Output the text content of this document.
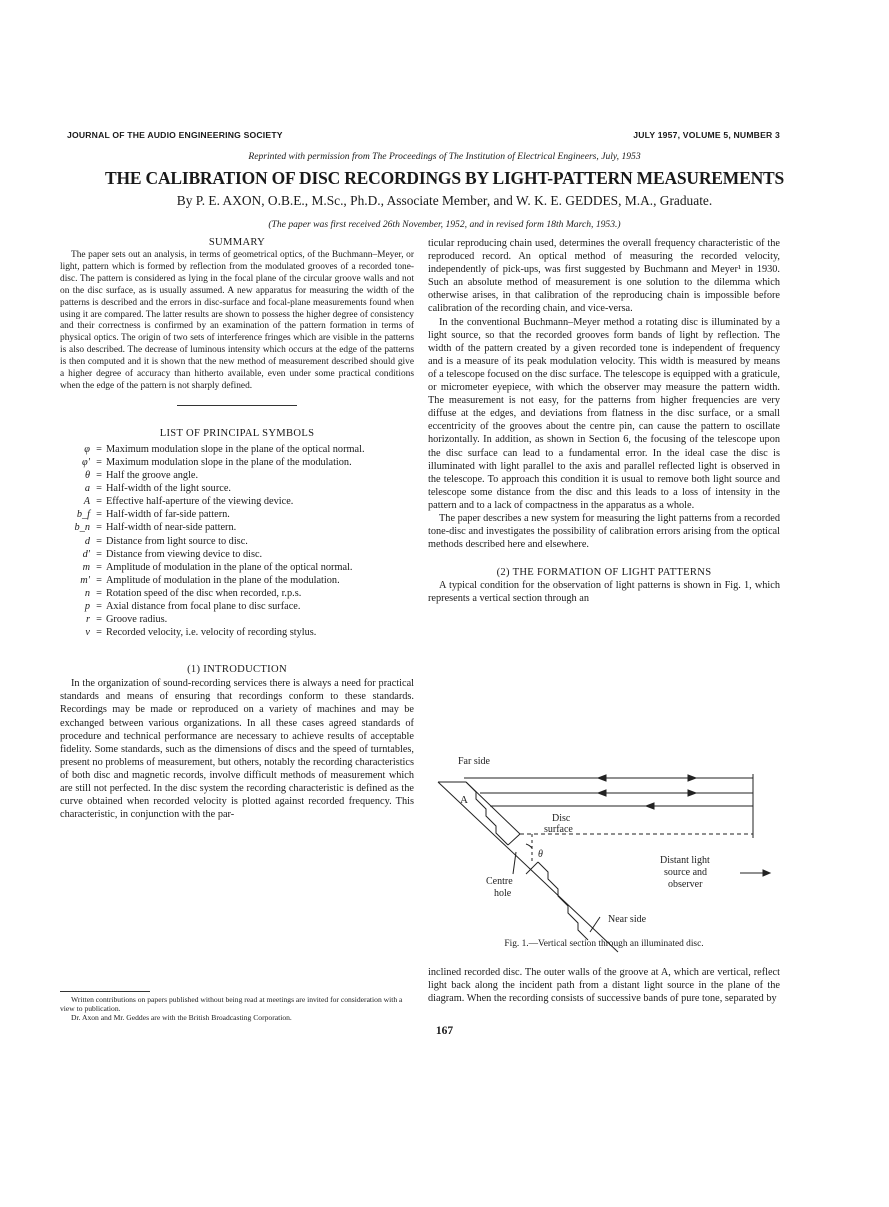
JOURNAL OF THE AUDIO ENGINEERING SOCIETY	JULY 1957, VOLUME 5, NUMBER 3
Reprinted with permission from The Proceedings of The Institution of Electrical Engineers, July, 1953
THE CALIBRATION OF DISC RECORDINGS BY LIGHT-PATTERN MEASUREMENTS
By P. E. AXON, O.B.E., M.Sc., Ph.D., Associate Member, and W. K. E. GEDDES, M.A., Graduate.
(The paper was first received 26th November, 1952, and in revised form 18th March, 1953.)

SUMMARY

The paper sets out an analysis, in terms of geometrical optics, of the Buchmann–Meyer, or light, pattern which is formed by reflection from the modulated grooves of a recorded tone-disc. The pattern is considered as lying in the focal plane of the circular groove walls and not on the disc surface, as is usually assumed. A new apparatus for measuring the width of the patterns is described and the errors in disc-surface and focal-plane measurements found when using it are compared. The latter results are shown to possess the higher degree of consistency and their correctness is confirmed by an examination of the pattern formation in terms of physical optics. The origin of two sets of interference fringes which are visible in the patterns is also described. The decrease of luminous intensity which occurs at the edge of the patterns is then computed and it is shown that the new method of measurement described should give a higher degree of accuracy than hitherto available, even under some practical conditions when the edge of the pattern is not sharply defined.

LIST OF PRINCIPAL SYMBOLS

φ = Maximum modulation slope in the plane of the optical normal.
φ′ = Maximum modulation slope in the plane of the modulation.
θ = Half the groove angle.
a = Half-width of the light source.
A = Effective half-aperture of the viewing device.
b_f = Half-width of far-side pattern.
b_n = Half-width of near-side pattern.
d = Distance from light source to disc.
d′ = Distance from viewing device to disc.
m = Amplitude of modulation in the plane of the optical normal.
m′ = Amplitude of modulation in the plane of the modulation.
n = Rotation speed of the disc when recorded, r.p.s.
p = Axial distance from focal plane to disc surface.
r = Groove radius.
v = Recorded velocity, i.e. velocity of recording stylus.

(1) INTRODUCTION

In the organization of sound-recording services there is always a need for practical standards and means of ensuring that recordings conform to these standards. Recordings may be made or reproduced on a variety of machines and may be exchanged between various organizations. In all these cases agreed standards of procedure and technical performance are necessary to achieve results of acceptable fidelity. Some standards, such as the dimensions of discs and the speed of turntables, present no problems of measurement, but others, notably the recording characteristics of both disc and magnetic records, involve difficult methods of measurement which are still not perfected. In the disc system the recording characteristic is defined as the curve obtained when recorded velocity is plotted against recorded frequency. This characteristic, in conjunction with the par-

Written contributions on papers published without being read at meetings are invited for consideration with a view to publication.

Dr. Axon and Mr. Geddes are with the British Broadcasting Corporation.

ticular reproducing chain used, determines the overall frequency characteristic of the reproduced record. An optical method of measuring the recorded velocity, independently of pick-ups, was first suggested by Buchmann and Meyer¹ in 1930. Such an absolute method of measurement is one solution to the dilemma which otherwise arises, in that calibration of the reproducing chain is impossible before calibration of the recording chain, and vice-versa.

In the conventional Buchmann–Meyer method a rotating disc is illuminated by a light source, so that the recorded grooves form bands of light by reflection. The width of the pattern created by a given recorded tone is independent of frequency and is a measure of its peak modulation velocity. This width is measured by means of a telescope focused on the disc surface. The telescope is equipped with a graticule, or micrometer eyepiece, with which the observer may measure the pattern width. The measurement is not easy, for the patterns from higher frequencies are very diffuse at the edges, and deviations from flatness in the disc surface, or a small eccentricity of the grooves about the centre pin, can cause the pattern to oscillate horizontally. In addition, as shown in Section 6, the focusing of the telescope upon the disc surface can lead to a fundamental error. In the ideal case the disc is illuminated with light parallel to the axis and parallel reflected light is observed in the telescope. To approach this condition it is usual to remove both light source and telescope some distance from the disc and this leads to a loss of intensity in the pattern and to a lack of compactness in the apparatus as a whole.

The paper describes a new system for measuring the light patterns from a recorded tone-disc and investigates the possibility of calibration errors arising from the optical methods described here and elsewhere.

(2) THE FORMATION OF LIGHT PATTERNS

A typical condition for the observation of light patterns is shown in Fig. 1, which represents a vertical section through an

Far side
A
Disc
surface
θ
Distant light
source and
observer
Centre
hole
Near side
Fig. 1.—Vertical section through an illuminated disc.

inclined recorded disc. The outer walls of the groove at A, which are vertical, reflect light back along the incident path from a distant light source in the plane of the diagram. When the recording consists of successive bands of pure tone, separated by

167
